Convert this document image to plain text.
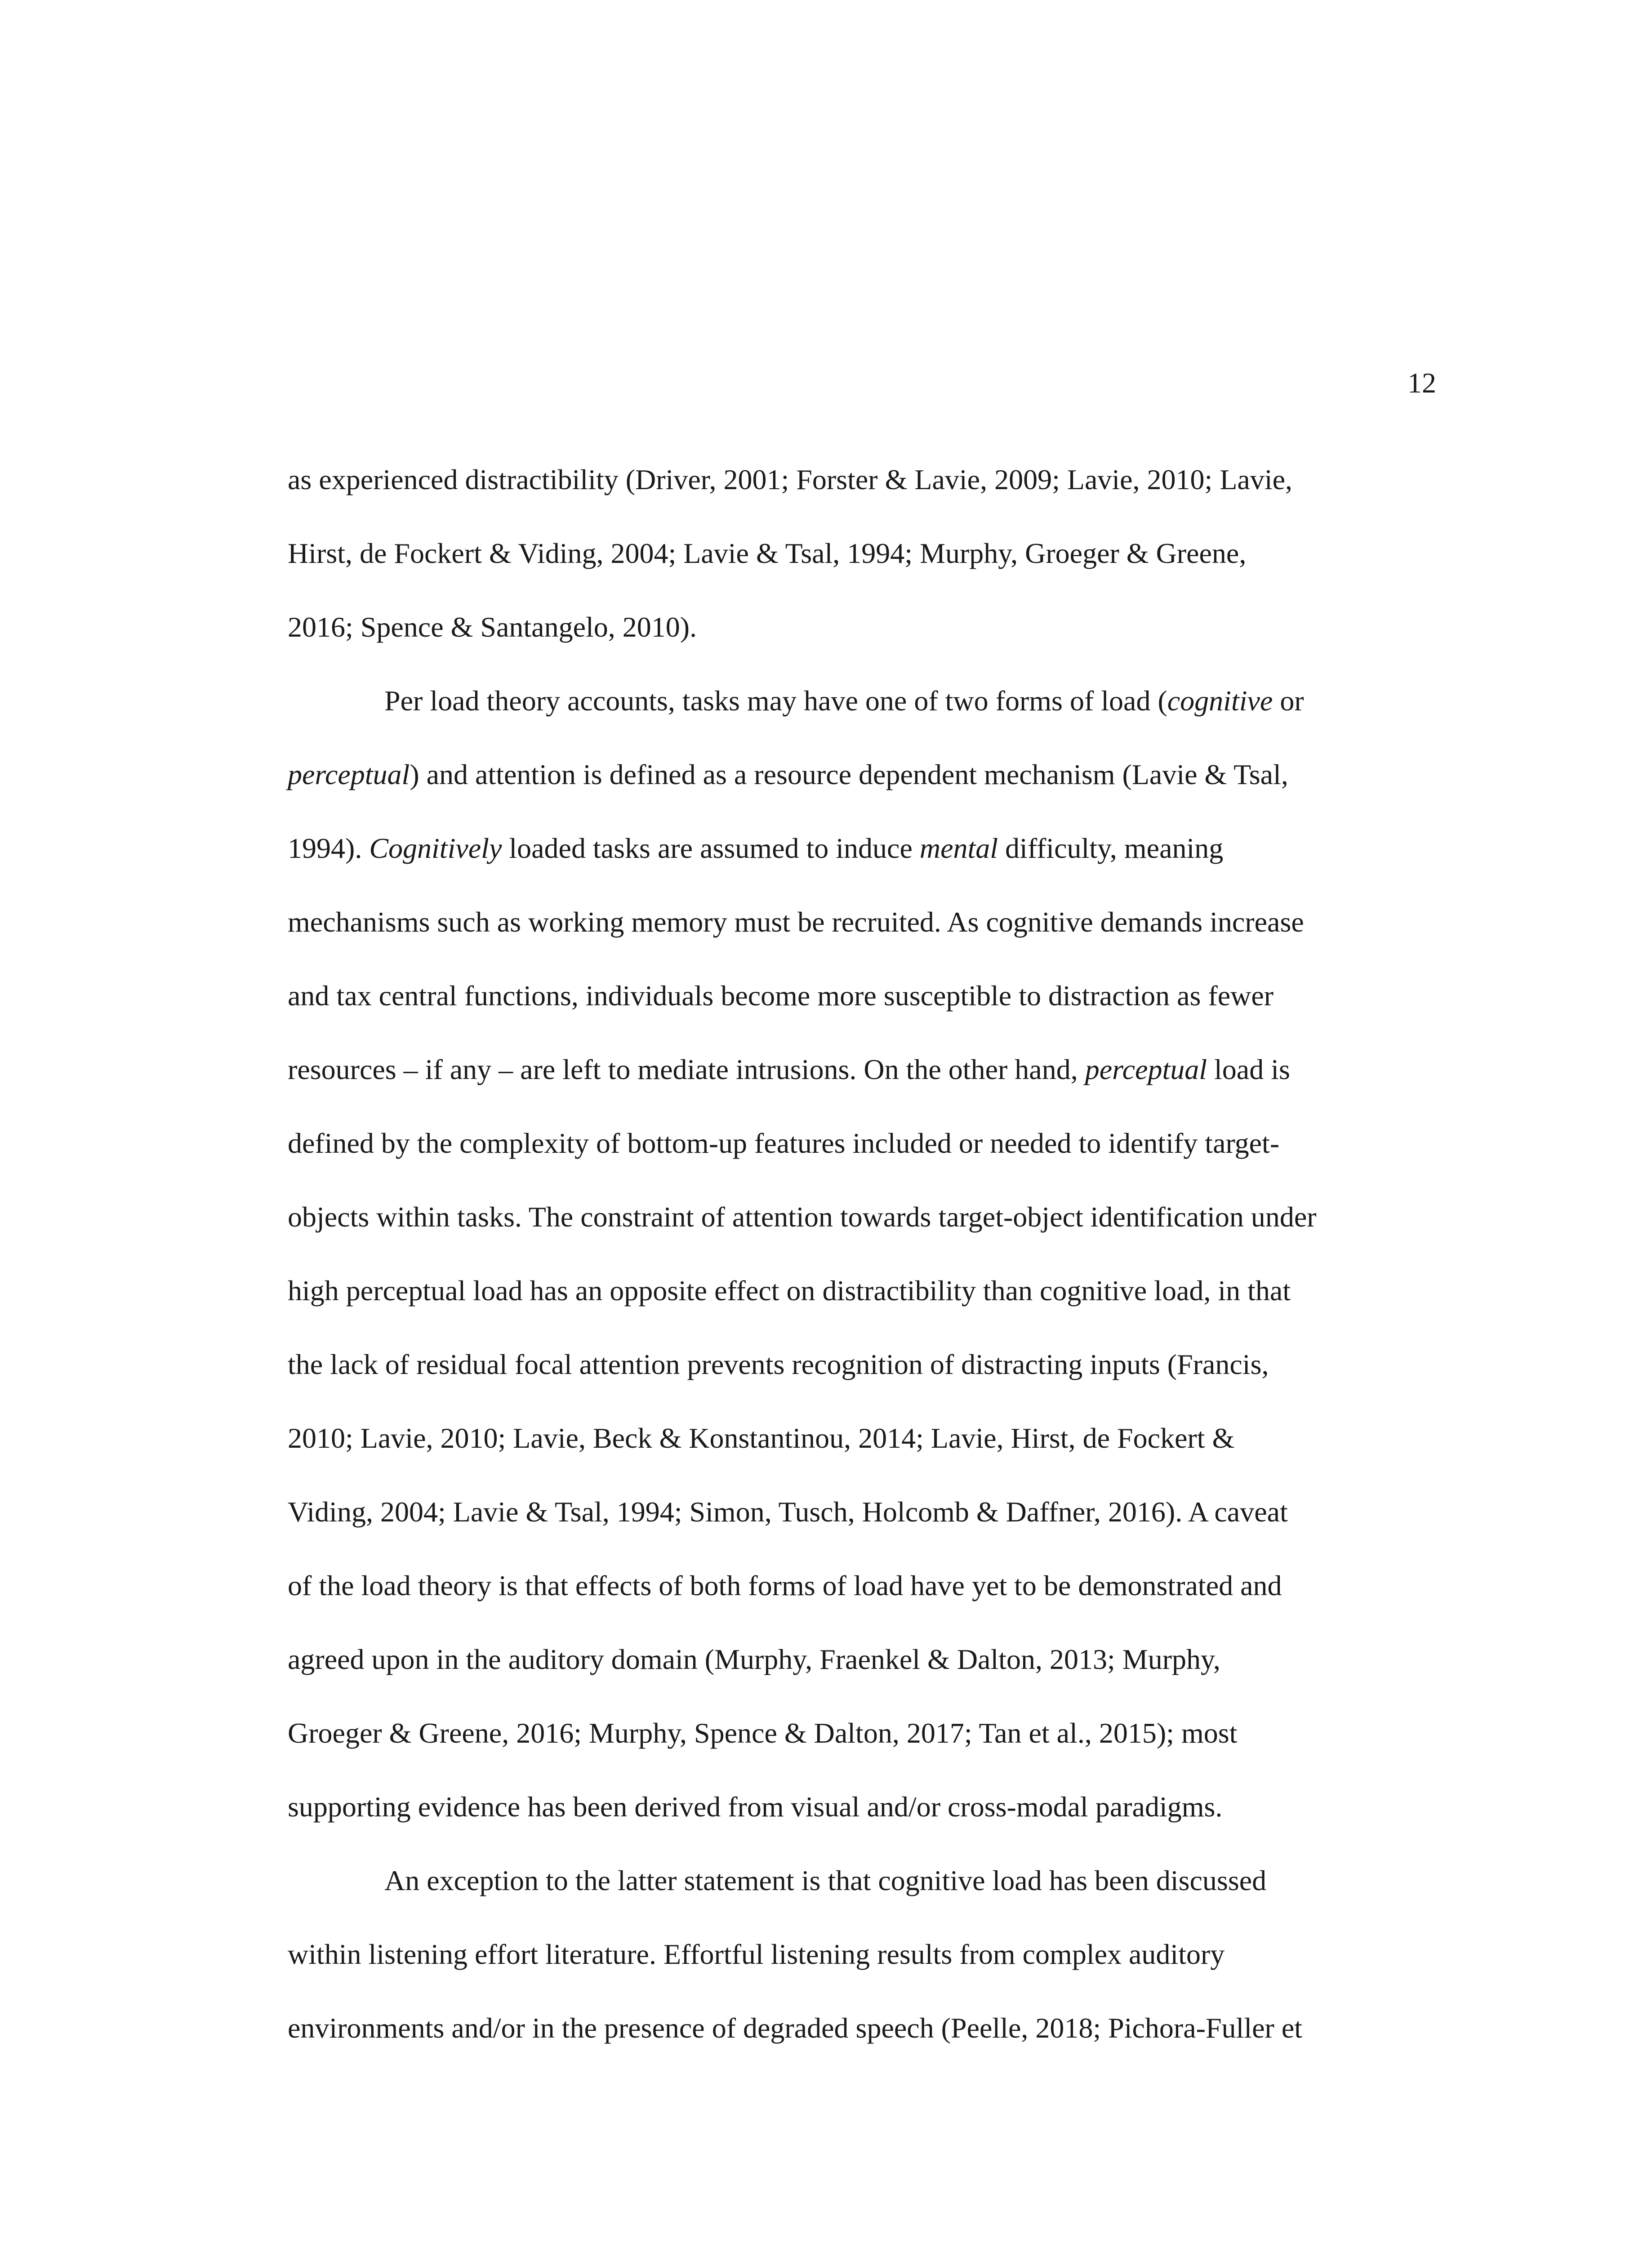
12
as experienced distractibility (Driver, 2001; Forster & Lavie, 2009; Lavie, 2010; Lavie,
Hirst, de Fockert & Viding, 2004; Lavie & Tsal, 1994; Murphy, Groeger & Greene,
2016; Spence & Santangelo, 2010).
Per load theory accounts, tasks may have one of two forms of load (cognitive or
perceptual) and attention is defined as a resource dependent mechanism (Lavie & Tsal,
1994). Cognitively loaded tasks are assumed to induce mental difficulty, meaning
mechanisms such as working memory must be recruited. As cognitive demands increase
and tax central functions, individuals become more susceptible to distraction as fewer
resources – if any – are left to mediate intrusions. On the other hand, perceptual load is
defined by the complexity of bottom-up features included or needed to identify target-
objects within tasks. The constraint of attention towards target-object identification under
high perceptual load has an opposite effect on distractibility than cognitive load, in that
the lack of residual focal attention prevents recognition of distracting inputs (Francis,
2010; Lavie, 2010; Lavie, Beck & Konstantinou, 2014; Lavie, Hirst, de Fockert &
Viding, 2004; Lavie & Tsal, 1994; Simon, Tusch, Holcomb & Daffner, 2016). A caveat
of the load theory is that effects of both forms of load have yet to be demonstrated and
agreed upon in the auditory domain (Murphy, Fraenkel & Dalton, 2013; Murphy,
Groeger & Greene, 2016; Murphy, Spence & Dalton, 2017; Tan et al., 2015); most
supporting evidence has been derived from visual and/or cross-modal paradigms.
An exception to the latter statement is that cognitive load has been discussed
within listening effort literature. Effortful listening results from complex auditory
environments and/or in the presence of degraded speech (Peelle, 2018; Pichora-Fuller et
